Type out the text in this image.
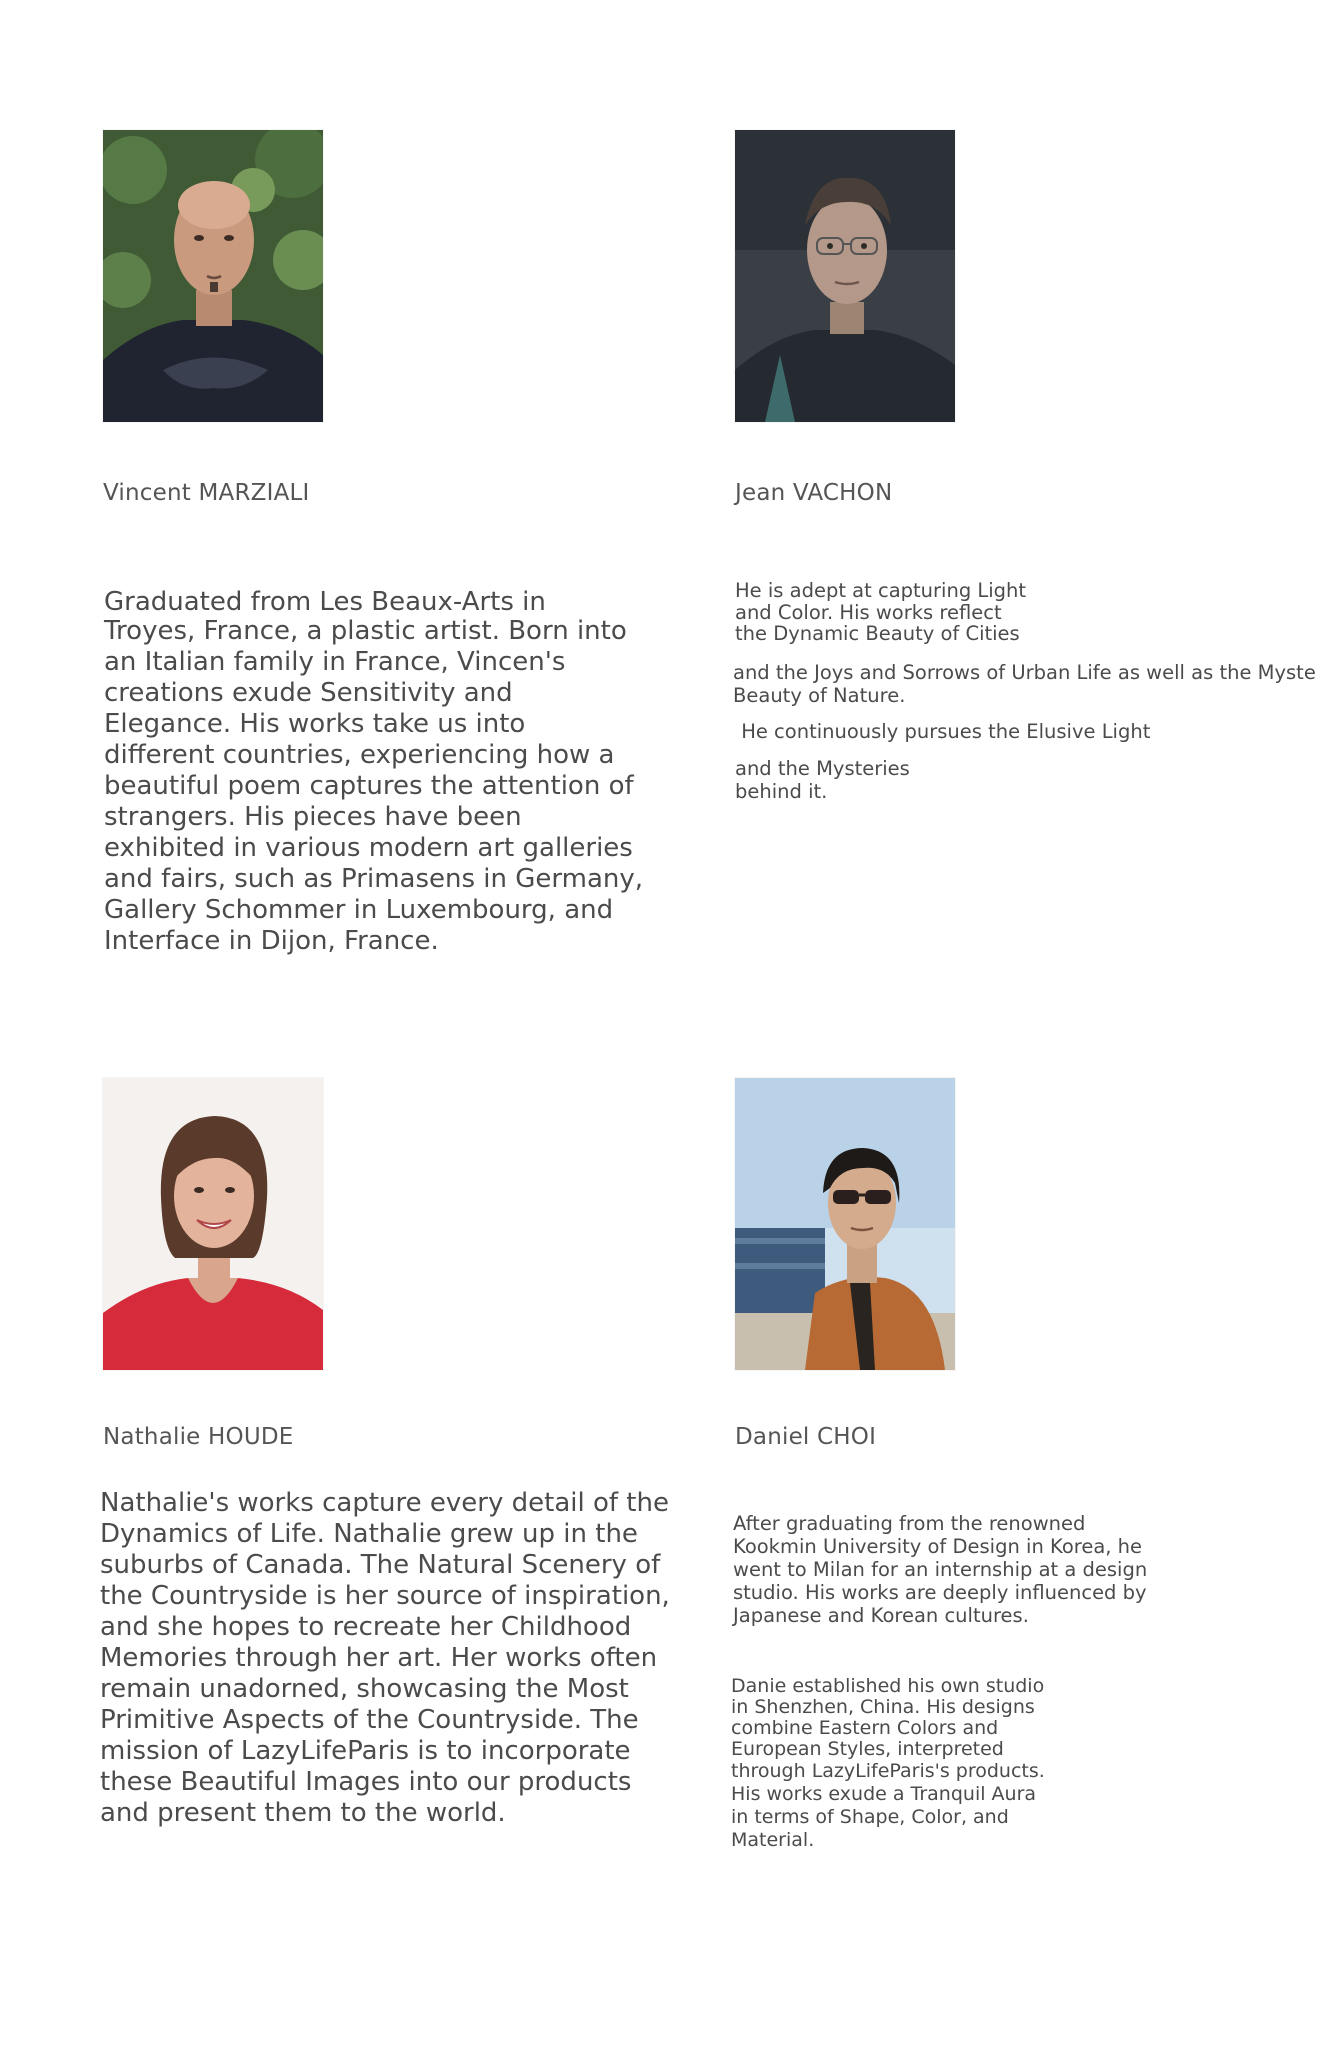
Vincent MARZIALI
Graduated from Les Beaux-Arts in
Troyes, France, a plastic artist. Born into
an Italian family in France, Vincen's
creations exude Sensitivity and
Elegance. His works take us into
different countries, experiencing how a
beautiful poem captures the attention of
strangers. His pieces have been
exhibited in various modern art galleries
and fairs, such as Primasens in Germany,
Gallery Schommer in Luxembourg, and
Interface in Dijon, France.
Jean VACHON
He is adept at capturing Light
and Color. His works reflect
the Dynamic Beauty of Cities
and the Joys and Sorrows of Urban Life as well as the Myste
Beauty of Nature.
He continuously pursues the Elusive Light
and the Mysteries
behind it.
Nathalie HOUDE
Nathalie's works capture every detail of the
Dynamics of Life. Nathalie grew up in the
suburbs of Canada. The Natural Scenery of
the Countryside is her source of inspiration,
and she hopes to recreate her Childhood
Memories through her art. Her works often
remain unadorned, showcasing the Most
Primitive Aspects of the Countryside. The
mission of LazyLifeParis is to incorporate
these Beautiful Images into our products
and present them to the world.
Daniel CHOI
After graduating from the renowned
Kookmin University of Design in Korea, he
went to Milan for an internship at a design
studio. His works are deeply influenced by
Japanese and Korean cultures.
Danie established his own studio
in Shenzhen, China. His designs
combine Eastern Colors and
European Styles, interpreted
through LazyLifeParis's products.
His works exude a Tranquil Aura
in terms of Shape, Color, and
Material.
